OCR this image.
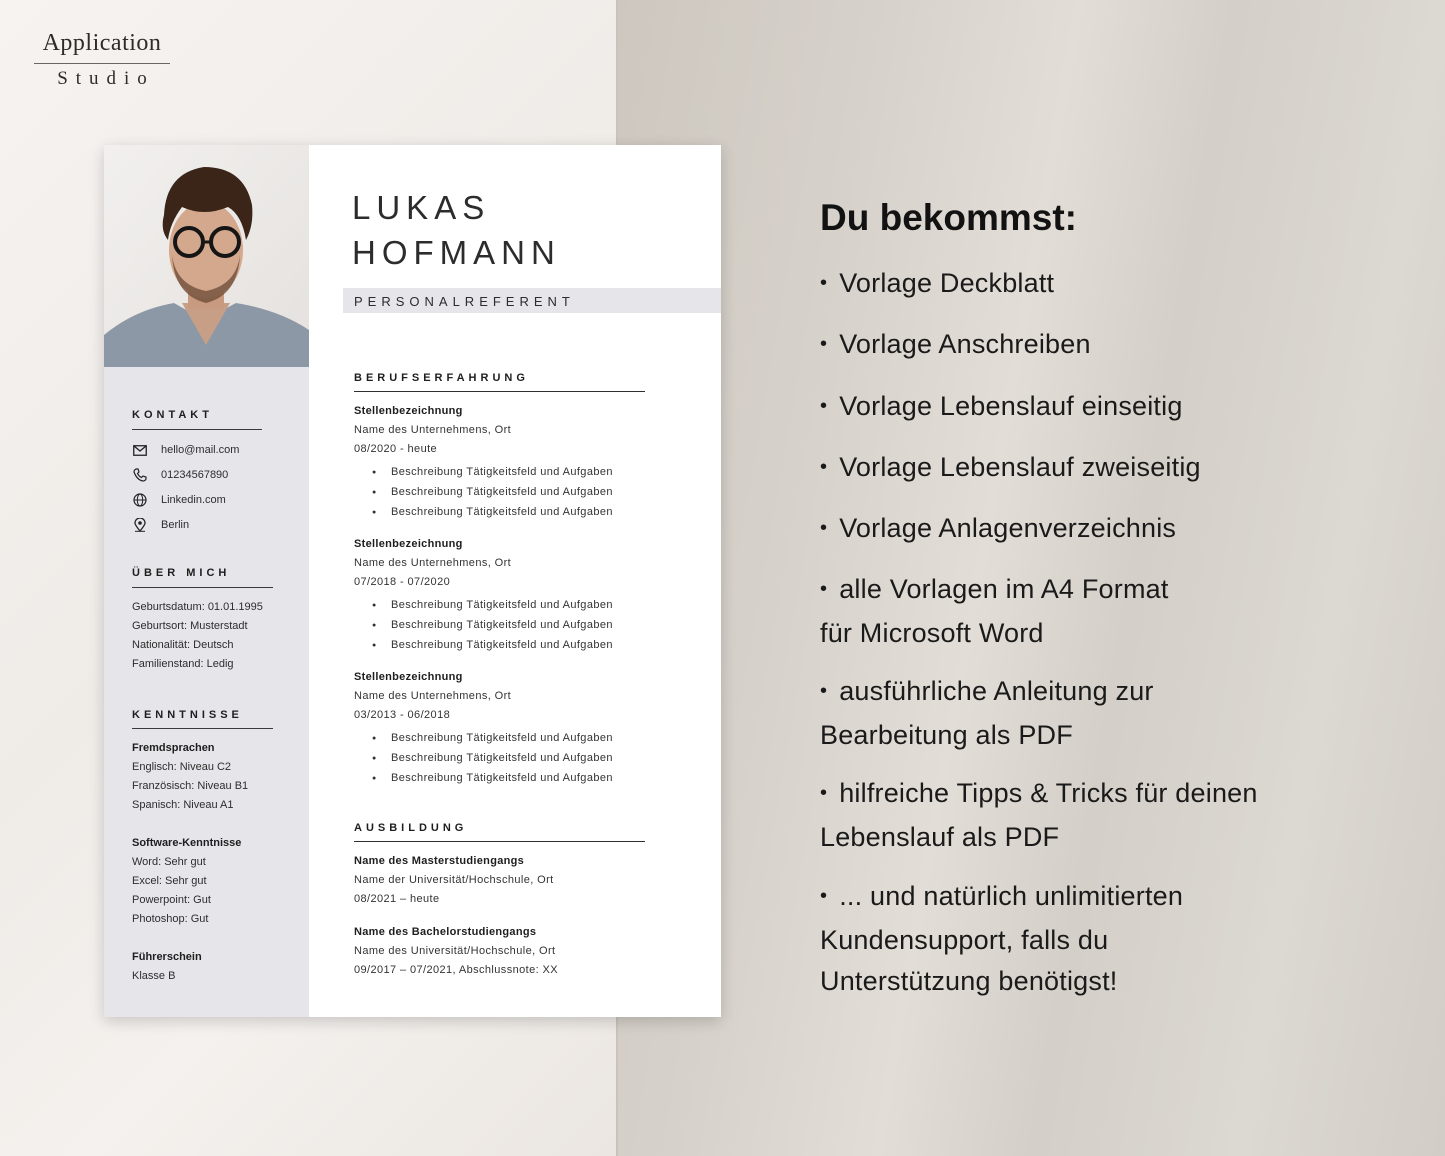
Application
Studio
KONTAKT
hello@mail.com
01234567890
Linkedin.com
Berlin
ÜBER MICH
Geburtsdatum: 01.01.1995
Geburtsort: Musterstadt
Nationalität: Deutsch
Familienstand: Ledig
KENNTNISSE
Fremdsprachen
Englisch: Niveau C2
Französisch: Niveau B1
Spanisch: Niveau A1
Software-Kenntnisse
Word: Sehr gut
Excel: Sehr gut
Powerpoint: Gut
Photoshop: Gut
Führerschein
Klasse B
LUKAS
HOFMANN
PERSONALREFERENT
BERUFSERFAHRUNG
Stellenbezeichnung
Name des Unternehmens, Ort
08/2020 - heute
● Beschreibung Tätigkeitsfeld und Aufgaben
● Beschreibung Tätigkeitsfeld und Aufgaben
● Beschreibung Tätigkeitsfeld und Aufgaben
Stellenbezeichnung
Name des Unternehmens, Ort
07/2018 - 07/2020
● Beschreibung Tätigkeitsfeld und Aufgaben
● Beschreibung Tätigkeitsfeld und Aufgaben
● Beschreibung Tätigkeitsfeld und Aufgaben
Stellenbezeichnung
Name des Unternehmens, Ort
03/2013 - 06/2018
● Beschreibung Tätigkeitsfeld und Aufgaben
● Beschreibung Tätigkeitsfeld und Aufgaben
● Beschreibung Tätigkeitsfeld und Aufgaben
AUSBILDUNG
Name des Masterstudiengangs
Name der Universität/Hochschule, Ort
08/2021 – heute
Name des Bachelorstudiengangs
Name des Universität/Hochschule, Ort
09/2017 – 07/2021, Abschlussnote: XX
Du bekommst:
• Vorlage Deckblatt
• Vorlage Anschreiben
• Vorlage Lebenslauf einseitig
• Vorlage Lebenslauf zweiseitig
• Vorlage Anlagenverzeichnis
• alle Vorlagen im A4 Format
für Microsoft Word
• ausführliche Anleitung zur
Bearbeitung als PDF
• hilfreiche Tipps & Tricks für deinen
Lebenslauf als PDF
• ... und natürlich unlimitierten
Kundensupport, falls du
Unterstützung benötigst!
